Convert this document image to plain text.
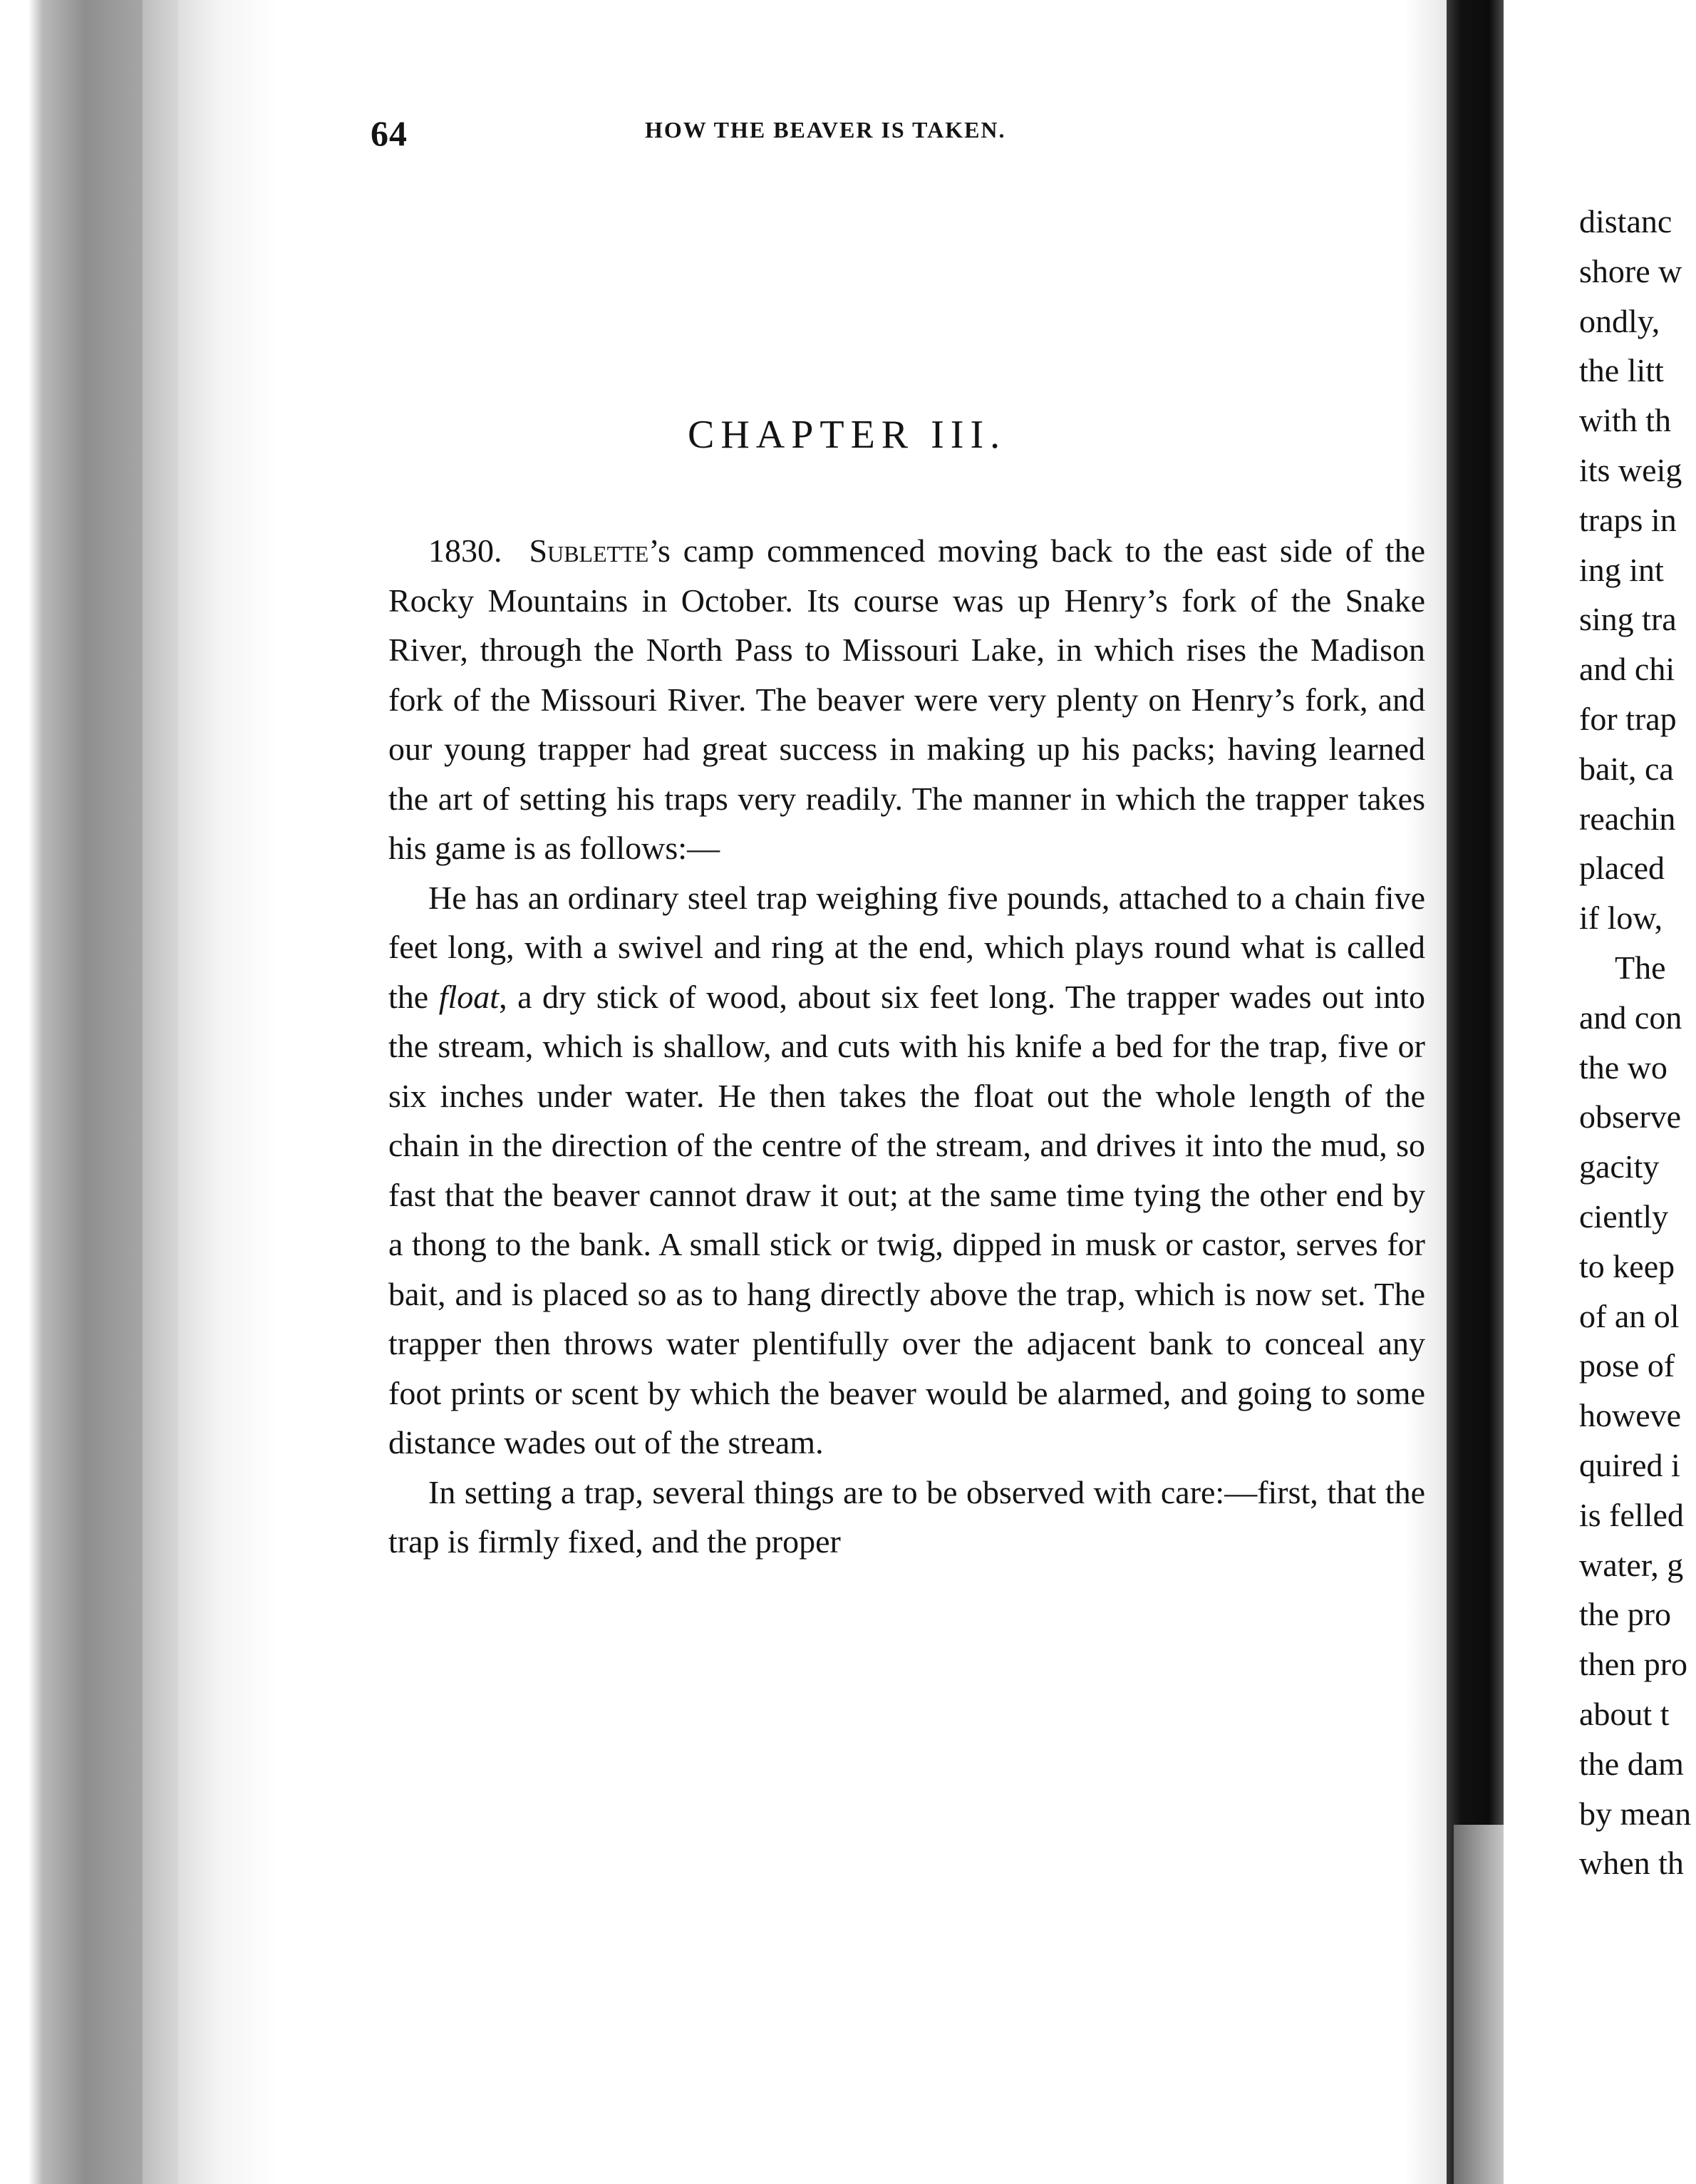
64	HOW THE BEAVER IS TAKEN.
CHAPTER III.

1830. Sublette’s camp commenced moving back to the east side of the Rocky Mountains in October. Its course was up Henry’s fork of the Snake River, through the North Pass to Missouri Lake, in which rises the Madison fork of the Missouri River. The beaver were very plenty on Henry’s fork, and our young trapper had great success in making up his packs; having learned the art of setting his traps very readily. The manner in which the trapper takes his game is as follows:—

He has an ordinary steel trap weighing five pounds, attached to a chain five feet long, with a swivel and ring at the end, which plays round what is called the float, a dry stick of wood, about six feet long. The trapper wades out into the stream, which is shallow, and cuts with his knife a bed for the trap, five or six inches under water. He then takes the float out the whole length of the chain in the direction of the centre of the stream, and drives it into the mud, so fast that the beaver cannot draw it out; at the same time tying the other end by a thong to the bank. A small stick or twig, dipped in musk or castor, serves for bait, and is placed so as to hang directly above the trap, which is now set. The trapper then throws water plentifully over the adjacent bank to conceal any foot prints or scent by which the beaver would be alarmed, and going to some distance wades out of the stream.

In setting a trap, several things are to be observed with care:—first, that the trap is firmly fixed, and the proper

distanc
shore w
ondly,
the litt
with th
its weig
traps in
ing int
sing tra
and chi
for trap
bait, ca
reachin
placed
if low,
The
and con
the wo
observe
gacity
ciently
to keep
of an ol
pose of
howeve
quired i
is felled
water, g
the pro
then pro
about t
the dam
by mean
when th
